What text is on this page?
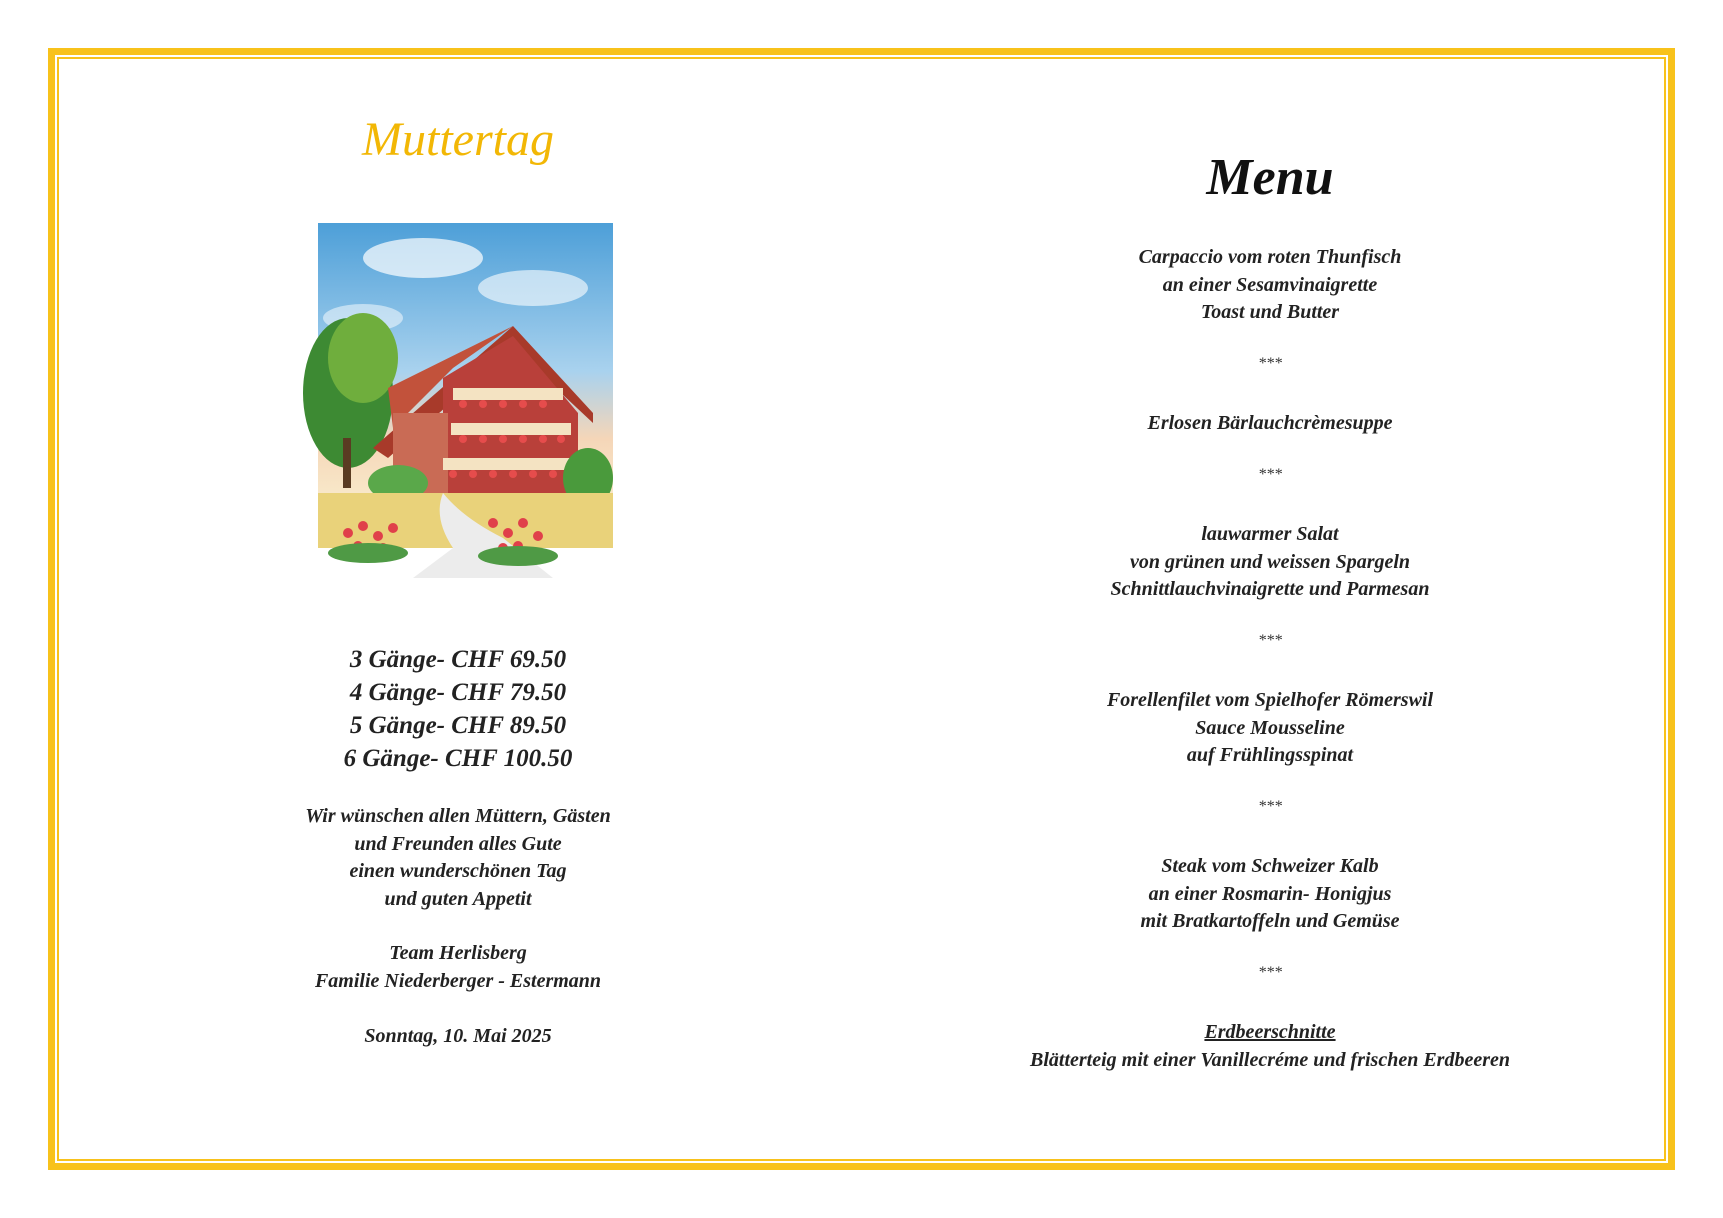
Muttertag
3 Gänge- CHF 69.50
4 Gänge- CHF 79.50
5 Gänge- CHF 89.50
6 Gänge- CHF 100.50
Wir wünschen allen Müttern, Gästen
und Freunden alles Gute
einen wunderschönen Tag
und guten Appetit
Team Herlisberg
Familie Niederberger - Estermann
Sonntag, 10. Mai 2025
Menu
Carpaccio vom roten Thunfisch
an einer Sesamvinaigrette
Toast und Butter
***
Erlosen Bärlauchcrèmesuppe
***
lauwarmer Salat
von grünen und weissen Spargeln
Schnittlauchvinaigrette und Parmesan
***
Forellenfilet vom Spielhofer Römerswil
Sauce Mousseline
auf Frühlingsspinat
***
Steak vom Schweizer Kalb
an einer Rosmarin- Honigjus
mit Bratkartoffeln und Gemüse
***
Erdbeerschnitte
Blätterteig mit einer Vanillecréme und frischen Erdbeeren
